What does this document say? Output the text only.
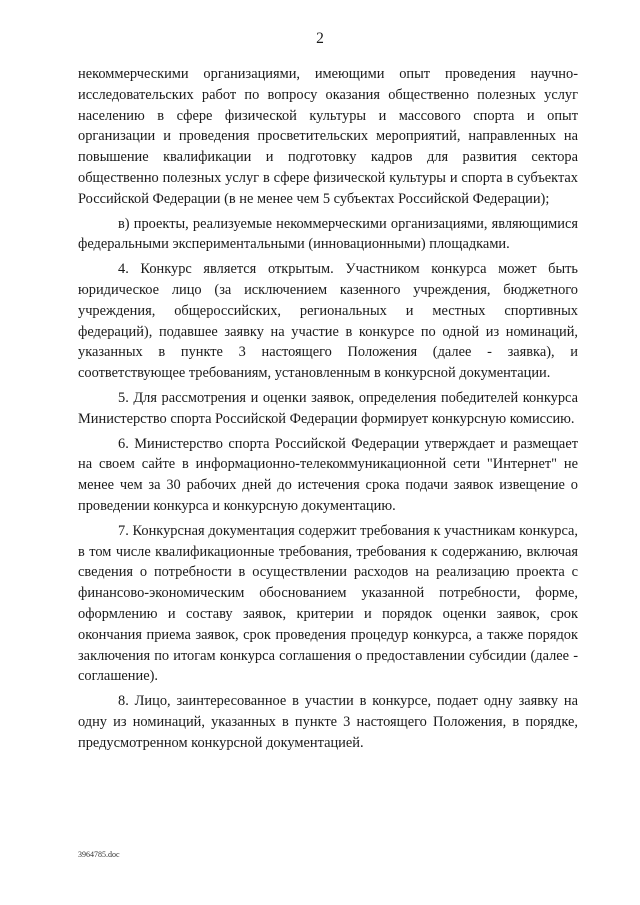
2

некоммерческими организациями, имеющими опыт проведения научно-исследовательских работ по вопросу оказания общественно полезных услуг населению в сфере физической культуры и массового спорта и опыт организации и проведения просветительских мероприятий, направленных на повышение квалификации и подготовку кадров для развития сектора общественно полезных услуг в сфере физической культуры и спорта в субъектах Российской Федерации (в не менее чем 5 субъектах Российской Федерации);

в) проекты, реализуемые некоммерческими организациями, являющимися федеральными экспериментальными (инновационными) площадками.

4. Конкурс является открытым. Участником конкурса может быть юридическое лицо (за исключением казенного учреждения, бюджетного учреждения, общероссийских, региональных и местных спортивных федераций), подавшее заявку на участие в конкурсе по одной из номинаций, указанных в пункте 3 настоящего Положения (далее - заявка), и соответствующее требованиям, установленным в конкурсной документации.

5. Для рассмотрения и оценки заявок, определения победителей конкурса Министерство спорта Российской Федерации формирует конкурсную комиссию.

6. Министерство спорта Российской Федерации утверждает и размещает на своем сайте в информационно-телекоммуникационной сети "Интернет" не менее чем за 30 рабочих дней до истечения срока подачи заявок извещение о проведении конкурса и конкурсную документацию.

7. Конкурсная документация содержит требования к участникам конкурса, в том числе квалификационные требования, требования к содержанию, включая сведения о потребности в осуществлении расходов на реализацию проекта с финансово-экономическим обоснованием указанной потребности, форме, оформлению и составу заявок, критерии и порядок оценки заявок, срок окончания приема заявок, срок проведения процедур конкурса, а также порядок заключения по итогам конкурса соглашения о предоставлении субсидии (далее - соглашение).

8. Лицо, заинтересованное в участии в конкурсе, подает одну заявку на одну из номинаций, указанных в пункте 3 настоящего Положения, в порядке, предусмотренном конкурсной документацией.

3964785.doc
